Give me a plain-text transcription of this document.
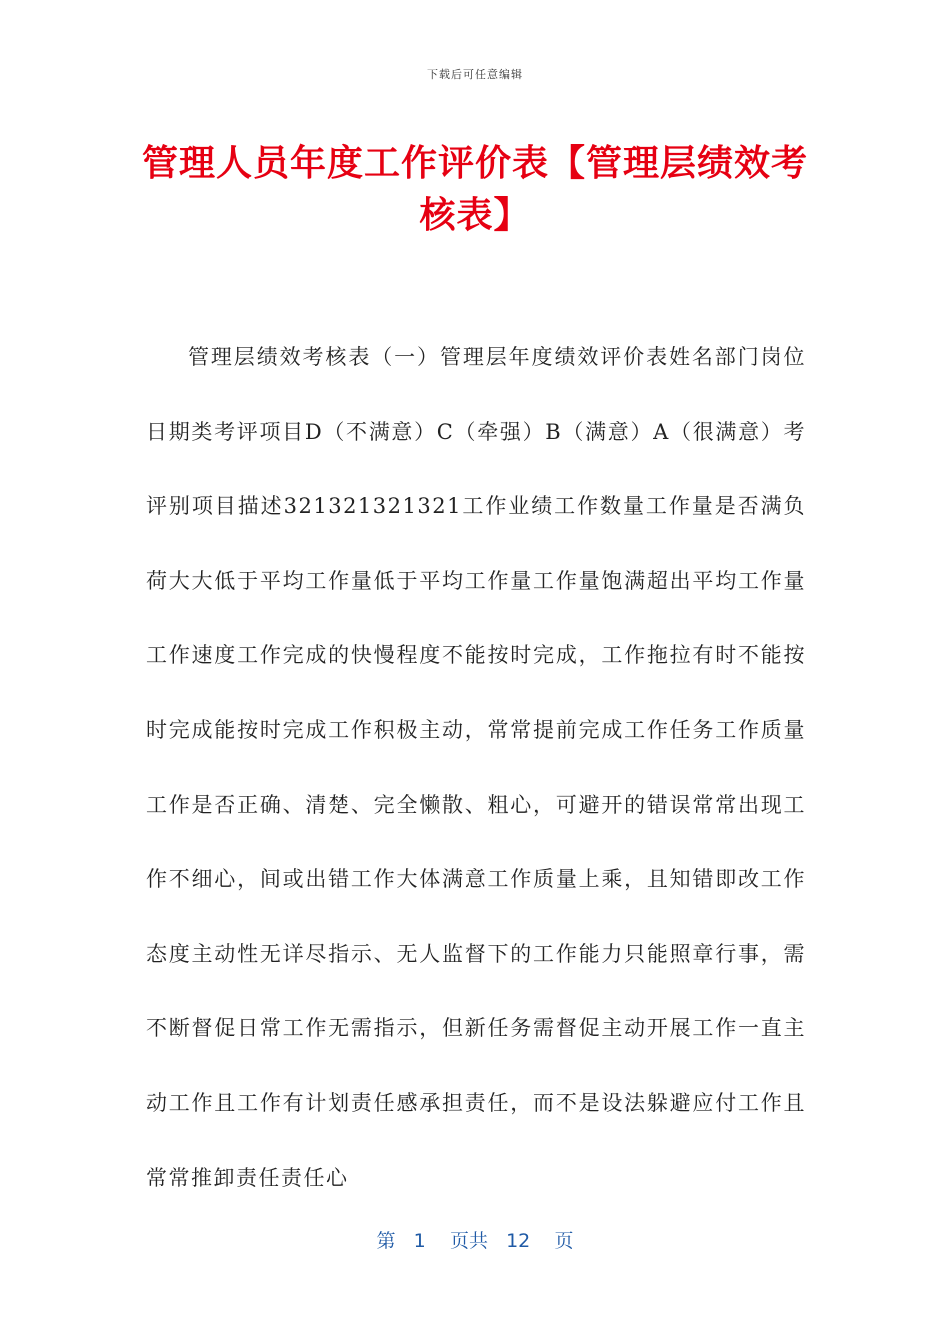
下载后可任意编辑
管理人员年度工作评价表【管理层绩效考核表】

管理层绩效考核表（一）管理层年度绩效评价表姓名部门岗位日期类考评项目D（不满意）C（牵强）B（满意）A（很满意）考评别项目描述321321321321工作业绩工作数量工作量是否满负荷大大低于平均工作量低于平均工作量工作量饱满超出平均工作量工作速度工作完成的快慢程度不能按时完成，工作拖拉有时不能按时完成能按时完成工作积极主动，常常提前完成工作任务工作质量工作是否正确、清楚、完全懒散、粗心，可避开的错误常常出现工作不细心，间或出错工作大体满意工作质量上乘，且知错即改工作态度主动性无详尽指示、无人监督下的工作能力只能照章行事，需不断督促日常工作无需指示，但新任务需督促主动开展工作一直主动工作且工作有计划责任感承担责任，而不是设法躲避应付工作且常常推卸责任责任心

第 1 页共 12 页
